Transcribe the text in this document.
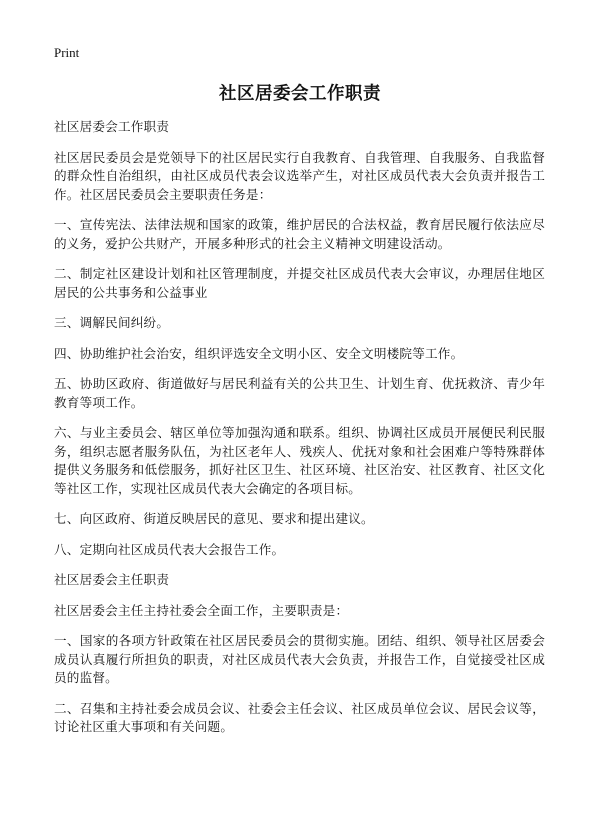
Print
社区居委会工作职责

社区居委会工作职责

社区居民委员会是党领导下的社区居民实行自我教育、自我管理、自我服务、自我监督的群众性自治组织，由社区成员代表会议选举产生，对社区成员代表大会负责并报告工作。社区居民委员会主要职责任务是：

一、宣传宪法、法律法规和国家的政策，维护居民的合法权益，教育居民履行依法应尽的义务，爱护公共财产，开展多种形式的社会主义精神文明建设活动。

二、制定社区建设计划和社区管理制度，并提交社区成员代表大会审议，办理居住地区居民的公共事务和公益事业

三、调解民间纠纷。

四、协助维护社会治安，组织评选安全文明小区、安全文明楼院等工作。

五、协助区政府、街道做好与居民利益有关的公共卫生、计划生育、优抚救济、青少年教育等项工作。

六、与业主委员会、辖区单位等加强沟通和联系。组织、协调社区成员开展便民利民服务，组织志愿者服务队伍，为社区老年人、残疾人、优抚对象和社会困难户等特殊群体提供义务服务和低偿服务，抓好社区卫生、社区环境、社区治安、社区教育、社区文化等社区工作，实现社区成员代表大会确定的各项目标。

七、向区政府、街道反映居民的意见、要求和提出建议。

八、定期向社区成员代表大会报告工作。

社区居委会主任职责

社区居委会主任主持社委会全面工作，主要职责是：

一、国家的各项方针政策在社区居民委员会的贯彻实施。团结、组织、领导社区居委会成员认真履行所担负的职责，对社区成员代表大会负责，并报告工作，自觉接受社区成员的监督。

二、召集和主持社委会成员会议、社委会主任会议、社区成员单位会议、居民会议等，讨论社区重大事项和有关问题。
